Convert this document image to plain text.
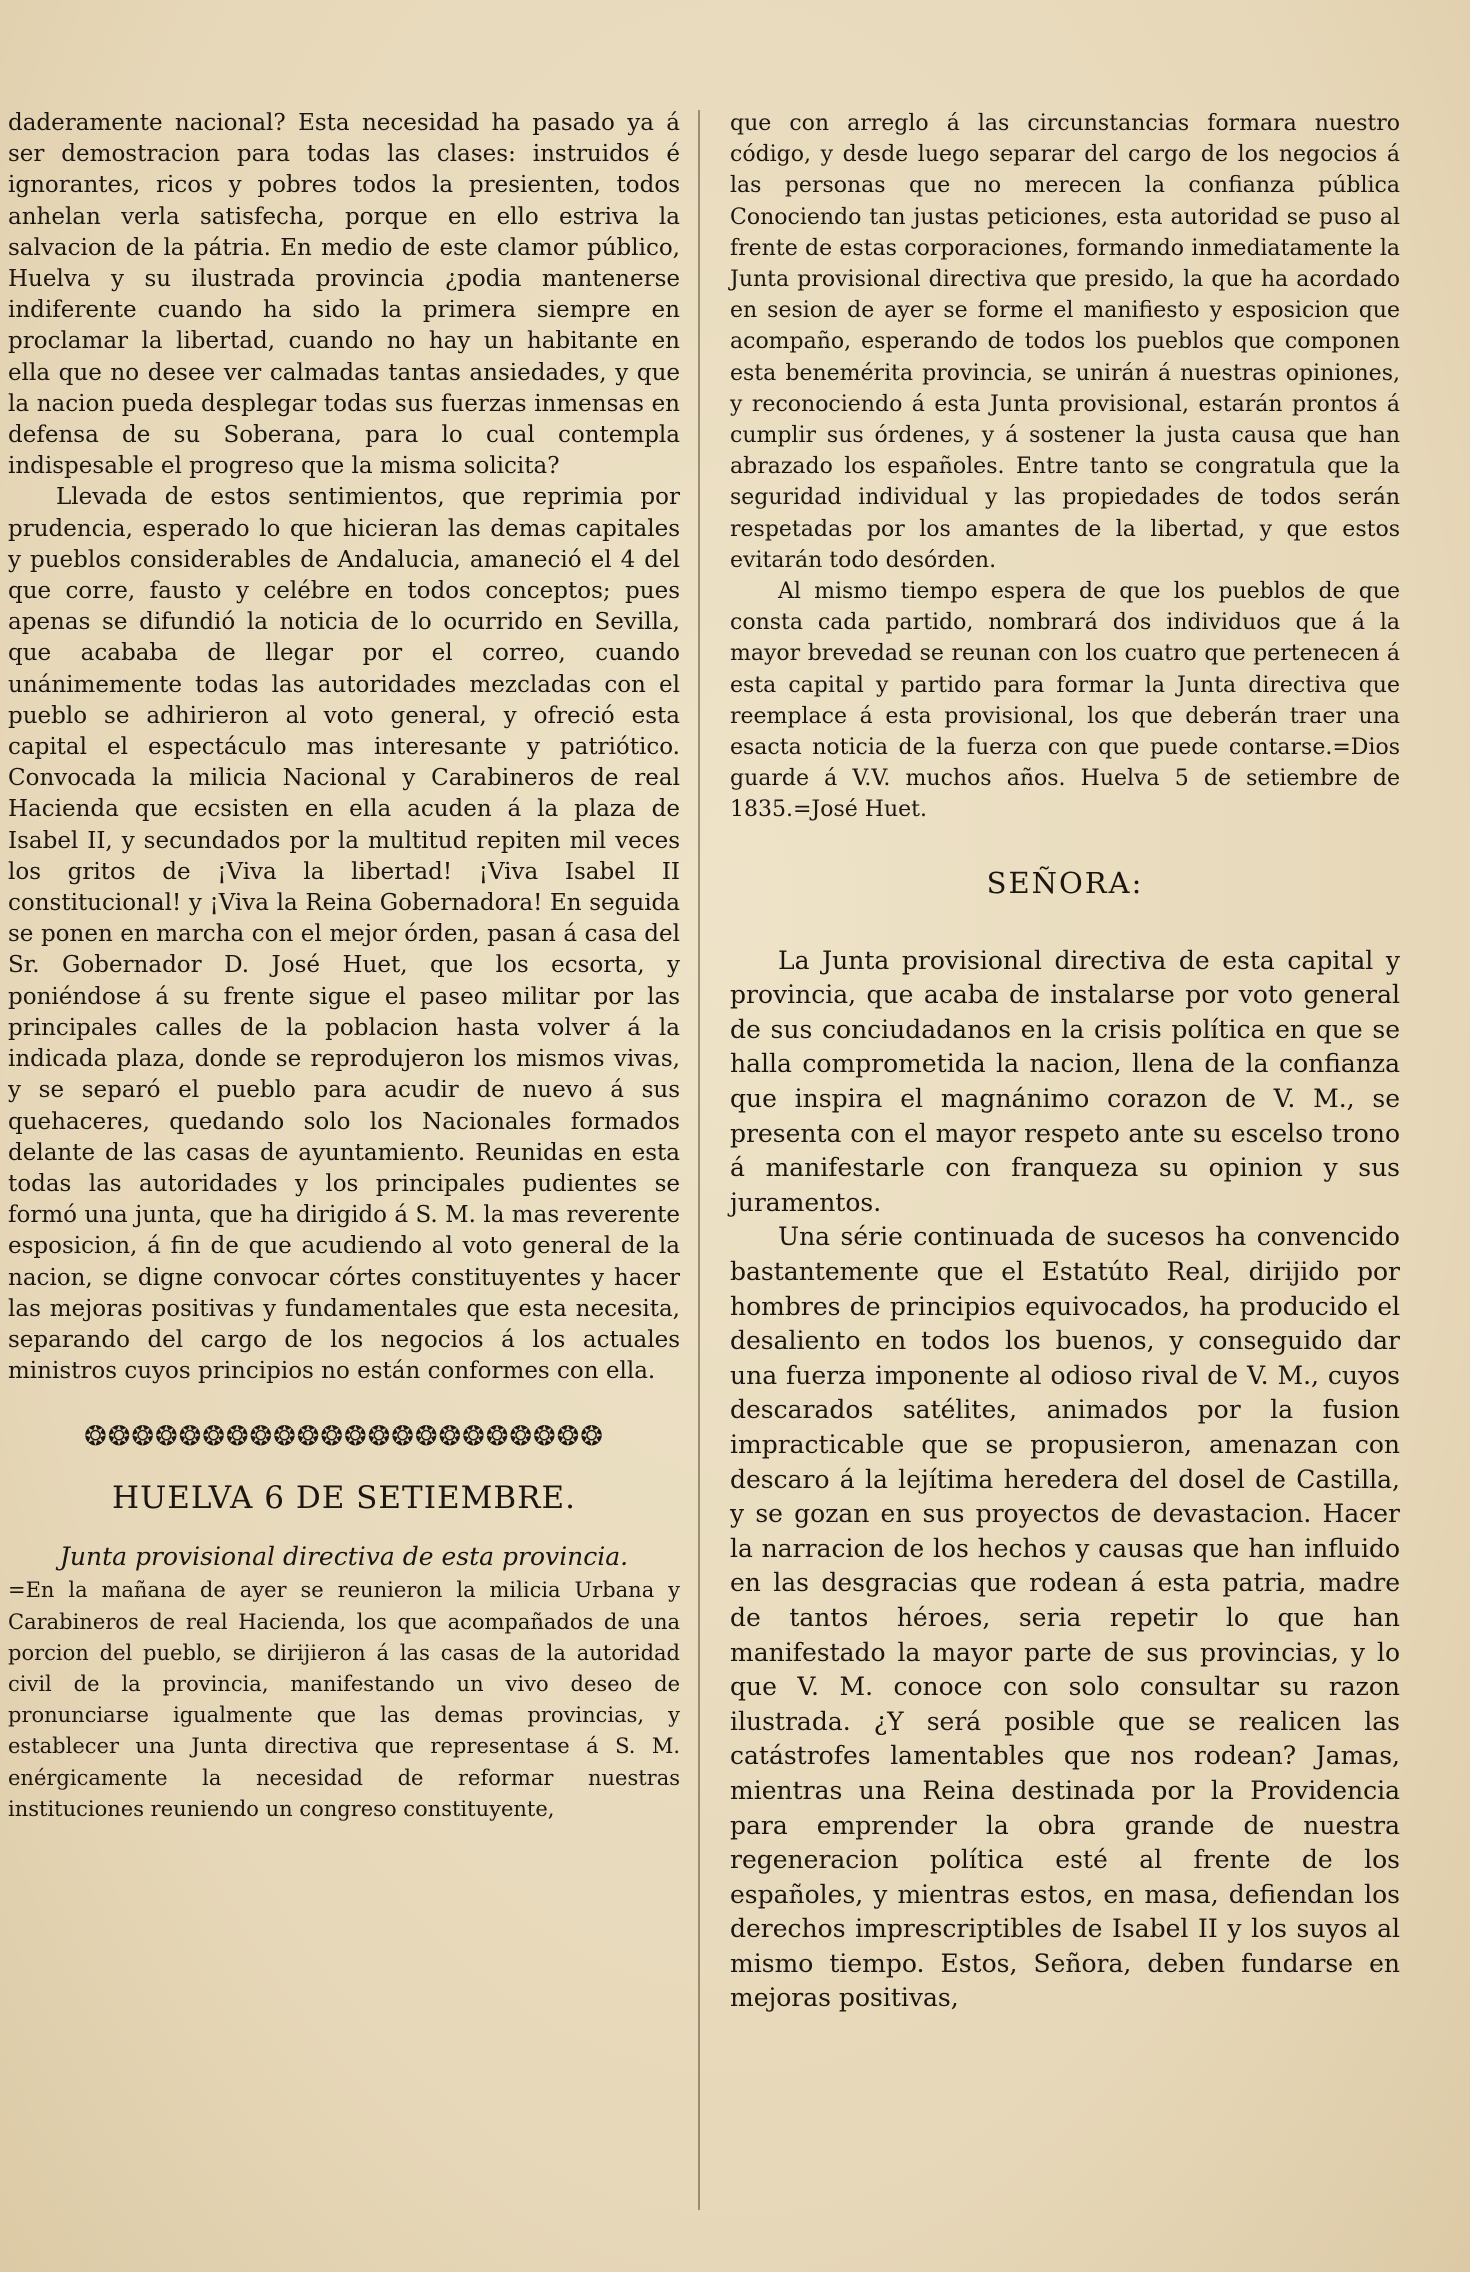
daderamente nacional? Esta necesidad ha pasado ya á ser demostracion para todas las clases: instruidos é ignorantes, ricos y pobres todos la presienten, todos anhelan verla satisfecha, porque en ello estriva la salvacion de la pátria. En medio de este clamor público, Huelva y su ilustrada provincia ¿podia mantenerse indiferente cuando ha sido la primera siempre en proclamar la libertad, cuando no hay un habitante en ella que no desee ver calmadas tantas ansiedades, y que la nacion pueda desplegar todas sus fuerzas inmensas en defensa de su Soberana, para lo cual contempla indispesable el progreso que la misma solicita?

Llevada de estos sentimientos, que reprimia por prudencia, esperado lo que hicieran las demas capitales y pueblos considerables de Andalucia, amaneció el 4 del que corre, fausto y celébre en todos conceptos; pues apenas se difundió la noticia de lo ocurrido en Sevilla, que acababa de llegar por el correo, cuando unánimemente todas las autoridades mezcladas con el pueblo se adhirieron al voto general, y ofreció esta capital el espectáculo mas interesante y patriótico. Convocada la milicia Nacional y Carabineros de real Hacienda que ecsisten en ella acuden á la plaza de Isabel II, y secundados por la multitud repiten mil veces los gritos de ¡Viva la libertad! ¡Viva Isabel II constitucional! y ¡Viva la Reina Gobernadora! En seguida se ponen en marcha con el mejor órden, pasan á casa del Sr. Gobernador D. José Huet, que los ecsorta, y poniéndose á su frente sigue el paseo militar por las principales calles de la poblacion hasta volver á la indicada plaza, donde se reprodujeron los mismos vivas, y se separó el pueblo para acudir de nuevo á sus quehaceres, quedando solo los Nacionales formados delante de las casas de ayuntamiento. Reunidas en esta todas las autoridades y los principales pudientes se formó una junta, que ha dirigido á S. M. la mas reverente esposicion, á fin de que acudiendo al voto general de la nacion, se digne convocar córtes constituyentes y hacer las mejoras positivas y fundamentales que esta necesita, separando del cargo de los negocios á los actuales ministros cuyos principios no están conformes con ella.

❂❂❂❂❂❂❂❂❂❂❂❂❂❂❂❂❂❂❂❂❂❂
HUELVA 6 DE SETIEMBRE.
Junta provisional directiva de esta provincia.

=En la mañana de ayer se reunieron la milicia Urbana y Carabineros de real Hacienda, los que acompañados de una porcion del pueblo, se dirijieron á las casas de la autoridad civil de la provincia, manifestando un vivo deseo de pronunciarse igualmente que las demas provincias, y establecer una Junta directiva que representase á S. M. enérgicamente la necesidad de reformar nuestras instituciones reuniendo un congreso constituyente,

que con arreglo á las circunstancias formara nuestro código, y desde luego separar del cargo de los negocios á las personas que no merecen la confianza pública Conociendo tan justas peticiones, esta autoridad se puso al frente de estas corporaciones, formando inmediatamente la Junta provisional directiva que presido, la que ha acordado en sesion de ayer se forme el manifiesto y esposicion que acompaño, esperando de todos los pueblos que componen esta benemérita provincia, se unirán á nuestras opiniones, y reconociendo á esta Junta provisional, estarán prontos á cumplir sus órdenes, y á sostener la justa causa que han abrazado los españoles. Entre tanto se congratula que la seguridad individual y las propiedades de todos serán respetadas por los amantes de la libertad, y que estos evitarán todo desórden.

Al mismo tiempo espera de que los pueblos de que consta cada partido, nombrará dos individuos que á la mayor brevedad se reunan con los cuatro que pertenecen á esta capital y partido para formar la Junta directiva que reemplace á esta provisional, los que deberán traer una esacta noticia de la fuerza con que puede contarse.=Dios guarde á V.V. muchos años. Huelva 5 de setiembre de 1835.=José Huet.

SEÑORA:

La Junta provisional directiva de esta capital y provincia, que acaba de instalarse por voto general de sus conciudadanos en la crisis política en que se halla comprometida la nacion, llena de la confianza que inspira el magnánimo corazon de V. M., se presenta con el mayor respeto ante su escelso trono á manifestarle con franqueza su opinion y sus juramentos.

Una série continuada de sucesos ha convencido bastantemente que el Estatúto Real, dirijido por hombres de principios equivocados, ha producido el desaliento en todos los buenos, y conseguido dar una fuerza imponente al odioso rival de V. M., cuyos descarados satélites, animados por la fusion impracticable que se propusieron, amenazan con descaro á la lejítima heredera del dosel de Castilla, y se gozan en sus proyectos de devastacion. Hacer la narracion de los hechos y causas que han influido en las desgracias que rodean á esta patria, madre de tantos héroes, seria repetir lo que han manifestado la mayor parte de sus provincias, y lo que V. M. conoce con solo consultar su razon ilustrada. ¿Y será posible que se realicen las catástrofes lamentables que nos rodean? Jamas, mientras una Reina destinada por la Providencia para emprender la obra grande de nuestra regeneracion política esté al frente de los españoles, y mientras estos, en masa, defiendan los derechos imprescriptibles de Isabel II y los suyos al mismo tiempo. Estos, Señora, deben fundarse en mejoras positivas,
